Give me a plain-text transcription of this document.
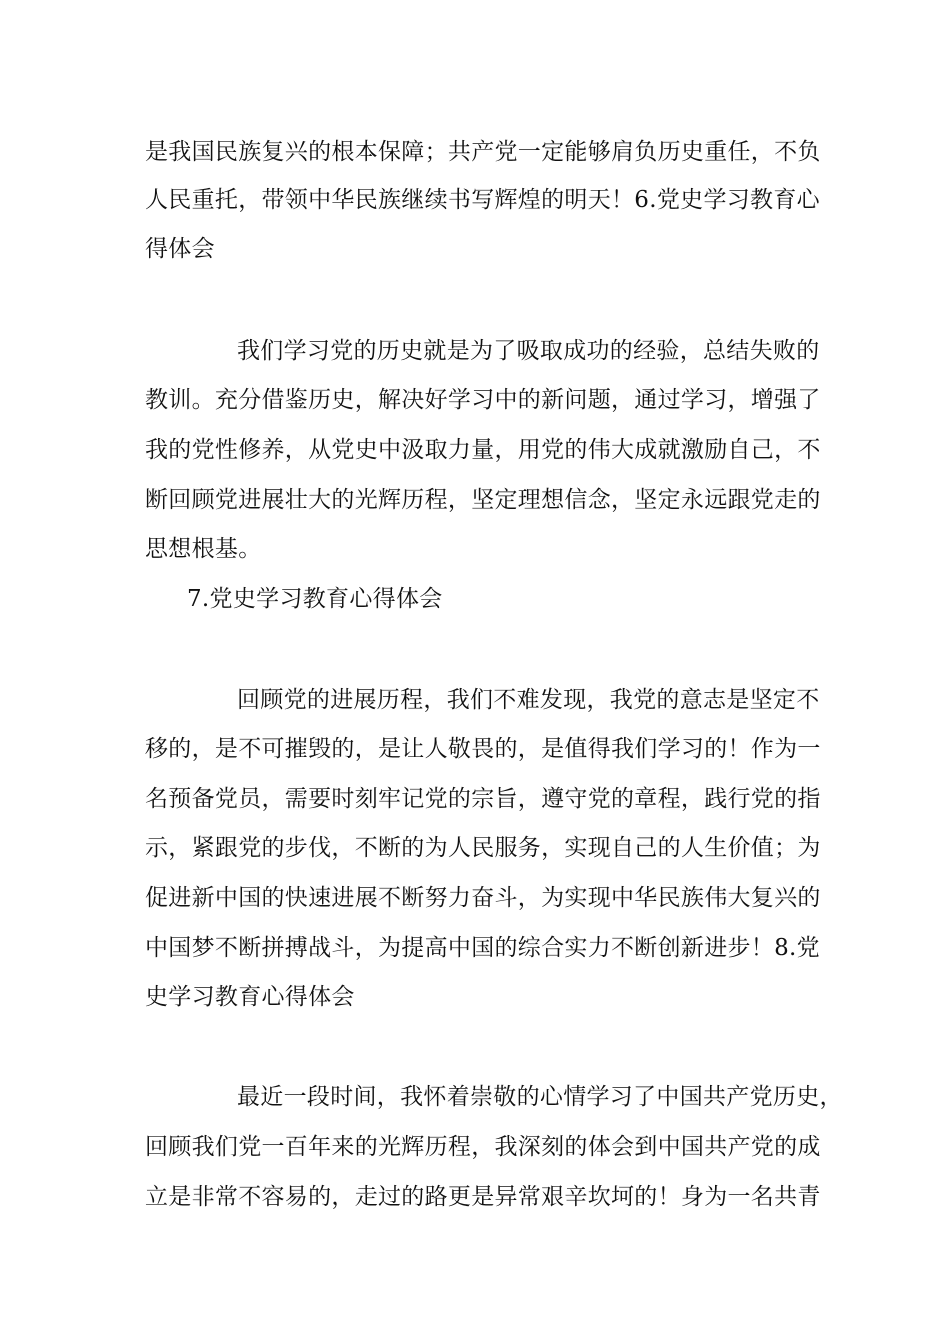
是我国民族复兴的根本保障；共产党一定能够肩负历史重任，不负
人民重托，带领中华民族继续书写辉煌的明天！6.党史学习教育心
得体会
我们学习党的历史就是为了吸取成功的经验，总结失败的
教训。充分借鉴历史，解决好学习中的新问题，通过学习，增强了
我的党性修养，从党史中汲取力量，用党的伟大成就激励自己，不
断回顾党进展壮大的光辉历程，坚定理想信念，坚定永远跟党走的
思想根基。
7.党史学习教育心得体会
回顾党的进展历程，我们不难发现，我党的意志是坚定不
移的，是不可摧毁的，是让人敬畏的，是值得我们学习的！作为一
名预备党员，需要时刻牢记党的宗旨，遵守党的章程，践行党的指
示，紧跟党的步伐，不断的为人民服务，实现自己的人生价值；为
促进新中国的快速进展不断努力奋斗，为实现中华民族伟大复兴的
中国梦不断拼搏战斗，为提高中国的综合实力不断创新进步！8.党
史学习教育心得体会
最近一段时间，我怀着崇敬的心情学习了中国共产党历史，
回顾我们党一百年来的光辉历程，我深刻的体会到中国共产党的成
立是非常不容易的，走过的路更是异常艰辛坎坷的！身为一名共青
